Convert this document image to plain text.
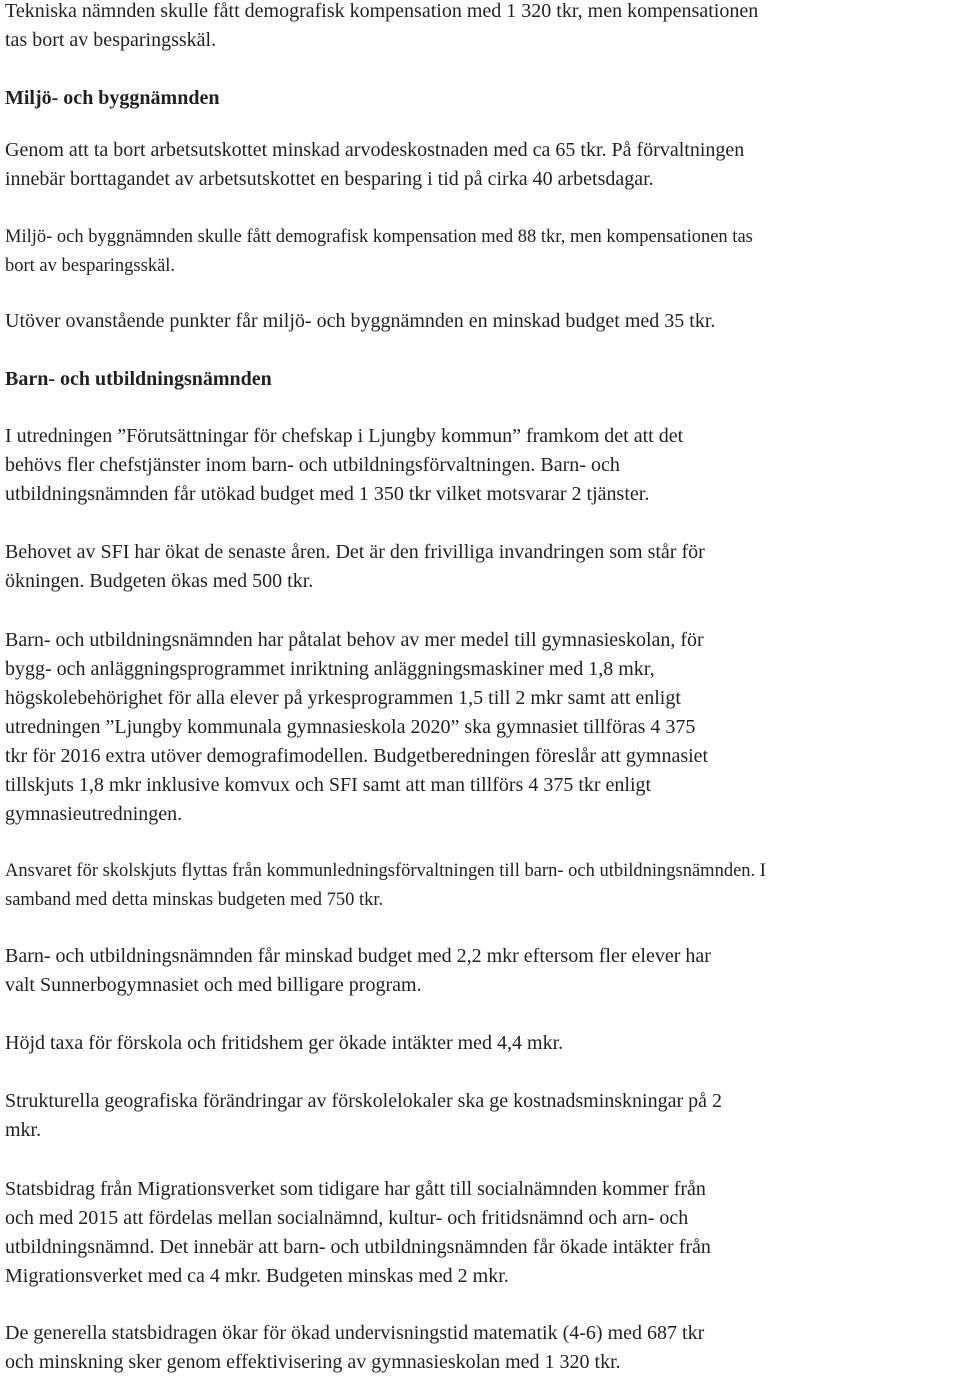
Tekniska nämnden skulle fått demografisk kompensation med 1 320 tkr, men kompensationen
tas bort av besparingsskäl.

Miljö- och byggnämnden

Genom att ta bort arbetsutskottet minskad arvodeskostnaden med ca 65 tkr. På förvaltningen
innebär borttagandet av arbetsutskottet en besparing i tid på cirka 40 arbetsdagar.

Miljö- och byggnämnden skulle fått demografisk kompensation med 88 tkr, men kompensationen tas
bort av besparingsskäl.

Utöver ovanstående punkter får miljö- och byggnämnden en minskad budget med 35 tkr.

Barn- och utbildningsnämnden

I utredningen ”Förutsättningar för chefskap i Ljungby kommun” framkom det att det
behövs fler chefstjänster inom barn- och utbildningsförvaltningen. Barn- och
utbildningsnämnden får utökad budget med 1 350 tkr vilket motsvarar 2 tjänster.

Behovet av SFI har ökat de senaste åren. Det är den frivilliga invandringen som står för
ökningen. Budgeten ökas med 500 tkr.

Barn- och utbildningsnämnden har påtalat behov av mer medel till gymnasieskolan, för
bygg- och anläggningsprogrammet inriktning anläggningsmaskiner med 1,8 mkr,
högskolebehörighet för alla elever på yrkesprogrammen 1,5 till 2 mkr samt att enligt
utredningen ”Ljungby kommunala gymnasieskola 2020” ska gymnasiet tillföras 4 375
tkr för 2016 extra utöver demografimodellen. Budgetberedningen föreslår att gymnasiet
tillskjuts 1,8 mkr inklusive komvux och SFI samt att man tillförs 4 375 tkr enligt
gymnasieutredningen.

Ansvaret för skolskjuts flyttas från kommunledningsförvaltningen till barn- och utbildningsnämnden. I
samband med detta minskas budgeten med 750 tkr.

Barn- och utbildningsnämnden får minskad budget med 2,2 mkr eftersom fler elever har
valt Sunnerbogymnasiet och med billigare program.

Höjd taxa för förskola och fritidshem ger ökade intäkter med 4,4 mkr.

Strukturella geografiska förändringar av förskolelokaler ska ge kostnadsminskningar på 2
mkr.

Statsbidrag från Migrationsverket som tidigare har gått till socialnämnden kommer från
och med 2015 att fördelas mellan socialnämnd, kultur- och fritidsnämnd och arn- och
utbildningsnämnd. Det innebär att barn- och utbildningsnämnden får ökade intäkter från
Migrationsverket med ca 4 mkr. Budgeten minskas med 2 mkr.

De generella statsbidragen ökar för ökad undervisningstid matematik (4-6) med 687 tkr
och minskning sker genom effektivisering av gymnasieskolan med 1 320 tkr.
